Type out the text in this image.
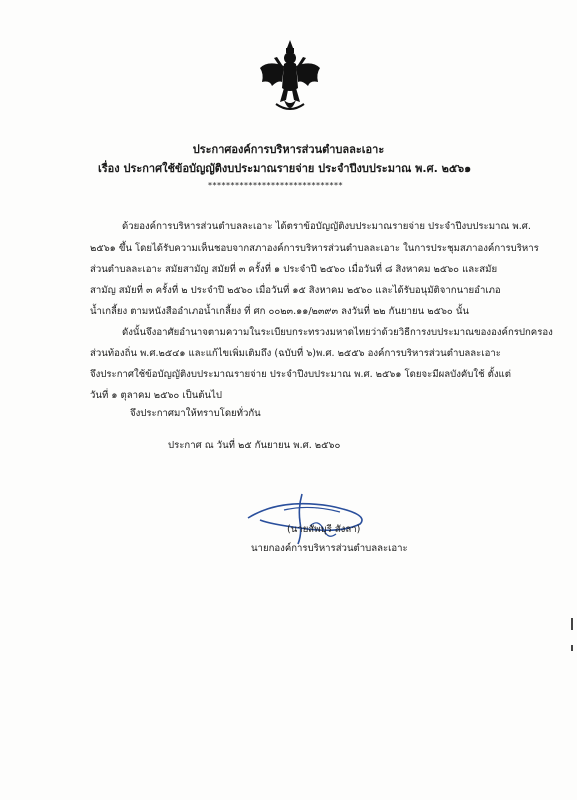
ประกาศองค์การบริหารส่วนตำบลละเอาะ
เรื่อง ประกาศใช้ข้อบัญญัติงบประมาณรายจ่าย ประจำปีงบประมาณ พ.ศ. ๒๕๖๑
******************************
ด้วยองค์การบริหารส่วนตำบลละเอาะ ได้ตราข้อบัญญัติงบประมาณรายจ่าย ประจำปีงบประมาณ พ.ศ.
๒๕๖๑ ขึ้น โดยได้รับความเห็นชอบจากสภาองค์การบริหารส่วนตำบลละเอาะ ในการประชุมสภาองค์การบริหาร
ส่วนตำบลละเอาะ สมัยสามัญ สมัยที่ ๓ ครั้งที่ ๑ ประจำปี ๒๕๖๐ เมื่อวันที่ ๘ สิงหาคม ๒๕๖๐ และสมัย
สามัญ สมัยที่ ๓ ครั้งที่ ๒ ประจำปี ๒๕๖๐ เมื่อวันที่ ๑๕ สิงหาคม ๒๕๖๐ และได้รับอนุมัติจากนายอำเภอ
น้ำเกลี้ยง ตามหนังสืออำเภอน้ำเกลี้ยง ที่ ศก ๐๐๒๓.๑๑/๒๓๙๓ ลงวันที่ ๒๒ กันยายน ๒๕๖๐ นั้น
ดังนั้นจึงอาศัยอำนาจตามความในระเบียบกระทรวงมหาดไทยว่าด้วยวิธีการงบประมาณขององค์กรปกครอง
ส่วนท้องถิ่น พ.ศ.๒๕๔๑ และแก้ไขเพิ่มเติมถึง (ฉบับที่ ๖)พ.ศ. ๒๕๕๖ องค์การบริหารส่วนตำบลละเอาะ
จึงประกาศใช้ข้อบัญญัติงบประมาณรายจ่าย ประจำปีงบประมาณ พ.ศ. ๒๕๖๑ โดยจะมีผลบังคับใช้ ตั้งแต่
วันที่ ๑ ตุลาคม ๒๕๖๐ เป็นต้นไป
จึงประกาศมาให้ทราบโดยทั่วกัน
ประกาศ ณ วันที่ ๒๕ กันยายน พ.ศ. ๒๕๖๐
(นายสัพบุรี สังลา)
นายกองค์การบริหารส่วนตำบลละเอาะ
